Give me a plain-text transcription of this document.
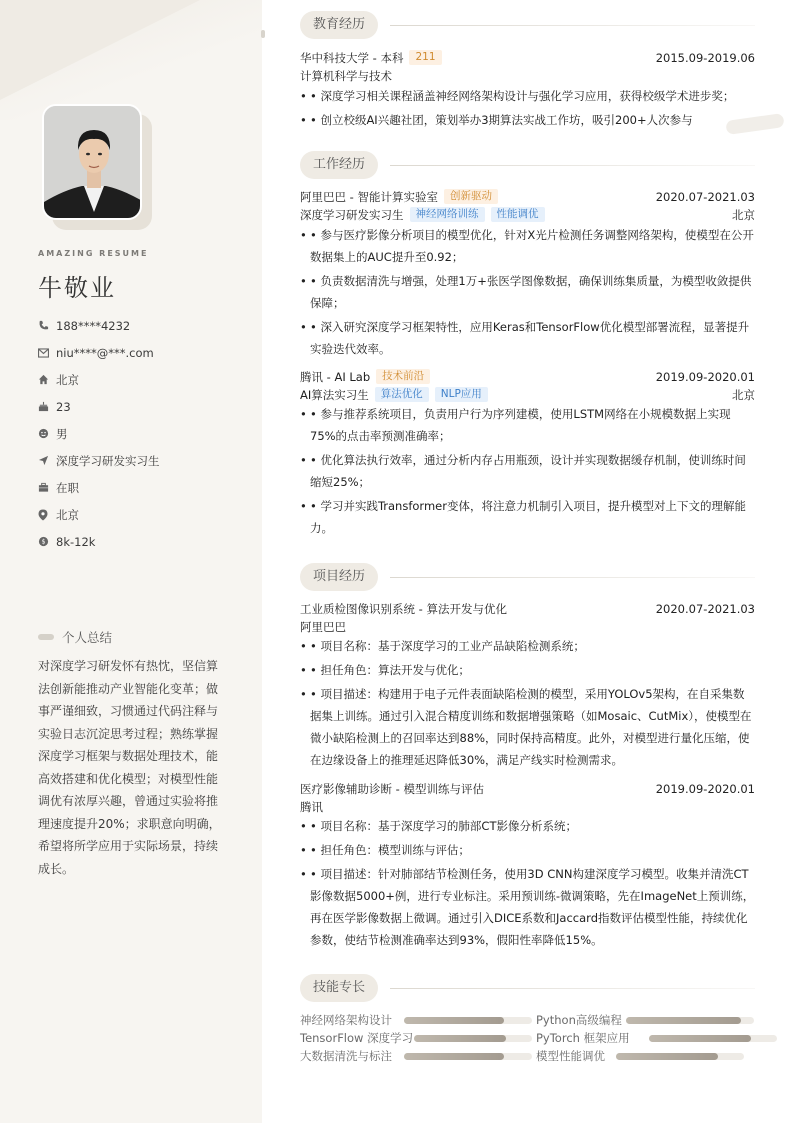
AMAZING RESUME
牛敬业
188****4232
niu****@***.com
北京
23
男
深度学习研发实习生
在职
北京
$ 8k-12k
个人总结
对深度学习研发怀有热忱，坚信算法创新能推动产业智能化变革；做事严谨细致，习惯通过代码注释与实验日志沉淀思考过程；熟练掌握深度学习框架与数据处理技术，能高效搭建和优化模型；对模型性能调优有浓厚兴趣，曾通过实验将推理速度提升20%；求职意向明确，希望将所学应用于实际场景，持续成长。
教育经历
华中科技大学 - 本科	211	2015.09-2019.06
计算机科学与技术
• • 深度学习相关课程涵盖神经网络架构设计与强化学习应用，获得校级学术进步奖；
• • 创立校级AI兴趣社团，策划举办3期算法实战工作坊，吸引200+人次参与
工作经历
阿里巴巴 - 智能计算实验室	创新驱动	2020.07-2021.03
深度学习研发实习生	神经网络训练	性能调优	北京
• • 参与医疗影像分析项目的模型优化，针对X光片检测任务调整网络架构，使模型在公开数据集上的AUC提升至0.92；
• • 负责数据清洗与增强，处理1万+张医学图像数据，确保训练集质量，为模型收敛提供保障；
• • 深入研究深度学习框架特性，应用Keras和TensorFlow优化模型部署流程，显著提升实验迭代效率。
腾讯 - AI Lab	技术前沿	2019.09-2020.01
AI算法实习生	算法优化	NLP应用	北京
• • 参与推荐系统项目，负责用户行为序列建模，使用LSTM网络在小规模数据上实现75%的点击率预测准确率；
• • 优化算法执行效率，通过分析内存占用瓶颈，设计并实现数据缓存机制，使训练时间缩短25%；
• • 学习并实践Transformer变体，将注意力机制引入项目，提升模型对上下文的理解能力。
项目经历
工业质检图像识别系统 - 算法开发与优化	2020.07-2021.03
阿里巴巴
• • 项目名称：基于深度学习的工业产品缺陷检测系统；
• • 担任角色：算法开发与优化；
• • 项目描述：构建用于电子元件表面缺陷检测的模型，采用YOLOv5架构，在自采集数据集上训练。通过引入混合精度训练和数据增强策略（如Mosaic、CutMix），使模型在微小缺陷检测上的召回率达到88%，同时保持高精度。此外，对模型进行量化压缩，使在边缘设备上的推理延迟降低30%，满足产线实时检测需求。
医疗影像辅助诊断 - 模型训练与评估	2019.09-2020.01
腾讯
• • 项目名称：基于深度学习的肺部CT影像分析系统；
• • 担任角色：模型训练与评估；
• • 项目描述：针对肺部结节检测任务，使用3D CNN构建深度学习模型。收集并清洗CT影像数据5000+例，进行专业标注。采用预训练-微调策略，先在ImageNet上预训练，再在医学影像数据上微调。通过引入DICE系数和Jaccard指数评估模型性能，持续优化参数，使结节检测准确率达到93%，假阳性率降低15%。
技能专长
神经网络架构设计	Python高级编程
TensorFlow 深度学习	PyTorch 框架应用
大数据清洗与标注	模型性能调优
